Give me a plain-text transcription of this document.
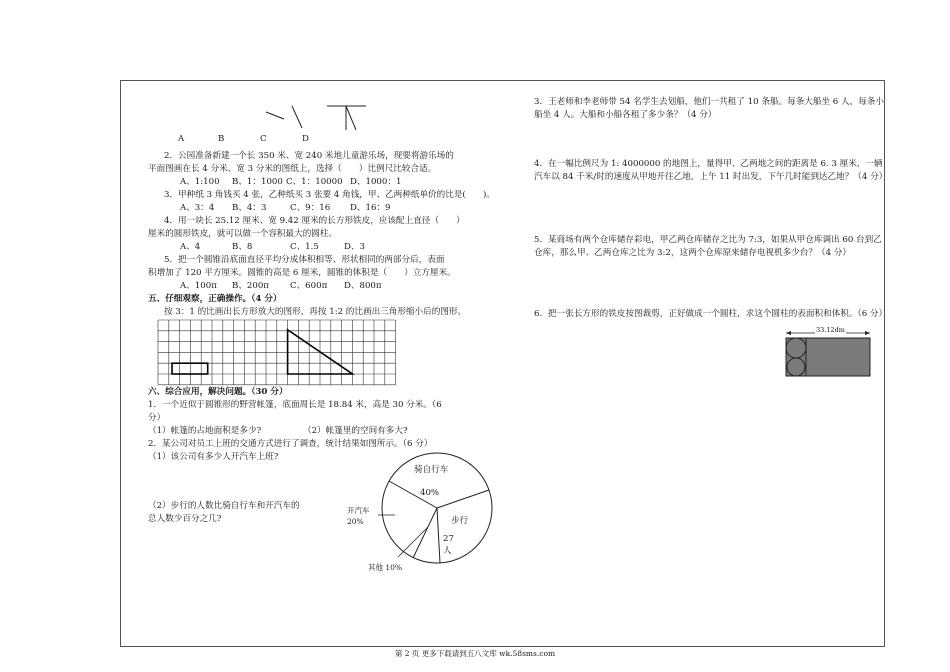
A	B	C	D
2．公园准备新建一个长 350 米、宽 240 米地儿童游乐场，现要将游乐场的
平面图画在长 4 分米、宽 3 分米的图纸上，选择（　　）比例尺比较合适。
A、1:100 B、1：1000 C、1：10000 D、1000：1
3．甲种纸 3 角钱买 4 张，乙种纸买 3 张要 4 角钱，甲、乙两种纸单价的比是(　　)。
A、3：4 B、4：3	C、9：16 D、16：9
4．用一块长 25.12 厘米、宽 9.42 厘米的长方形铁皮，应该配上直径（　　）
厘米的圆形铁皮，就可以做一个容积最大的圆柱。
A、4	B、8	C、1.5	D、3
5．把一个圆锥沿底面直径平均分成体积相等、形状相同的两部分后，表面
积增加了 120 平方厘米。圆锥的高是 6 厘米，圆锥的体积是（　　）立方厘米。
A、100π B、200π C、600π D、800π
五、仔细观察，正确操作。（4 分）
按 3：1 的比画出长方形放大的图形，再按 1:2 的比画出三角形缩小后的图形。
六、综合应用，解决问题。（30 分）
1．一个近似于圆锥形的野营帐篷，底面周长是 18.84 米，高是 30 分米。（6
分）
（1）帐篷的占地面积是多少?	（2）帐篷里的空间有多大?
2．某公司对员工上班的交通方式进行了调查，统计结果如图所示。（6 分）
（1）该公司有多少人开汽车上班?
（2）步行的人数比骑自行车和开汽车的
总人数少百分之几?
骑自行车
40%
开汽车
20%	步行
27
人
其他 10%
3．王老师和李老师带 54 名学生去划船，他们一共租了 10 条船。每条大船坐 6 人，每条小船坐 4 人。大船和小船各租了多少条？（4 分）
4．在一幅比例尺为 1: 4000000 的地图上，量得甲、乙两地之间的距离是 6. 3 厘米，一辆汽车以 84 千米/时的速度从甲地开往乙地，上午 11 时出发，下午几时能到达乙地？（4 分）
5．某商场有两个仓库储存彩电，甲乙两仓库储存之比为 7:3，如果从甲仓库调出 60 台到乙仓库，那么甲、乙两仓库之比为 3:2，这两个仓库原来储存电视机多少台？（4 分）
6．把一张长方形的铁皮按图裁剪，正好做成一个圆柱，求这个圆柱的表面积和体积。（6 分）
33.12dm
第 2 页 更多下载请到五八文库 wk.58sms.com
